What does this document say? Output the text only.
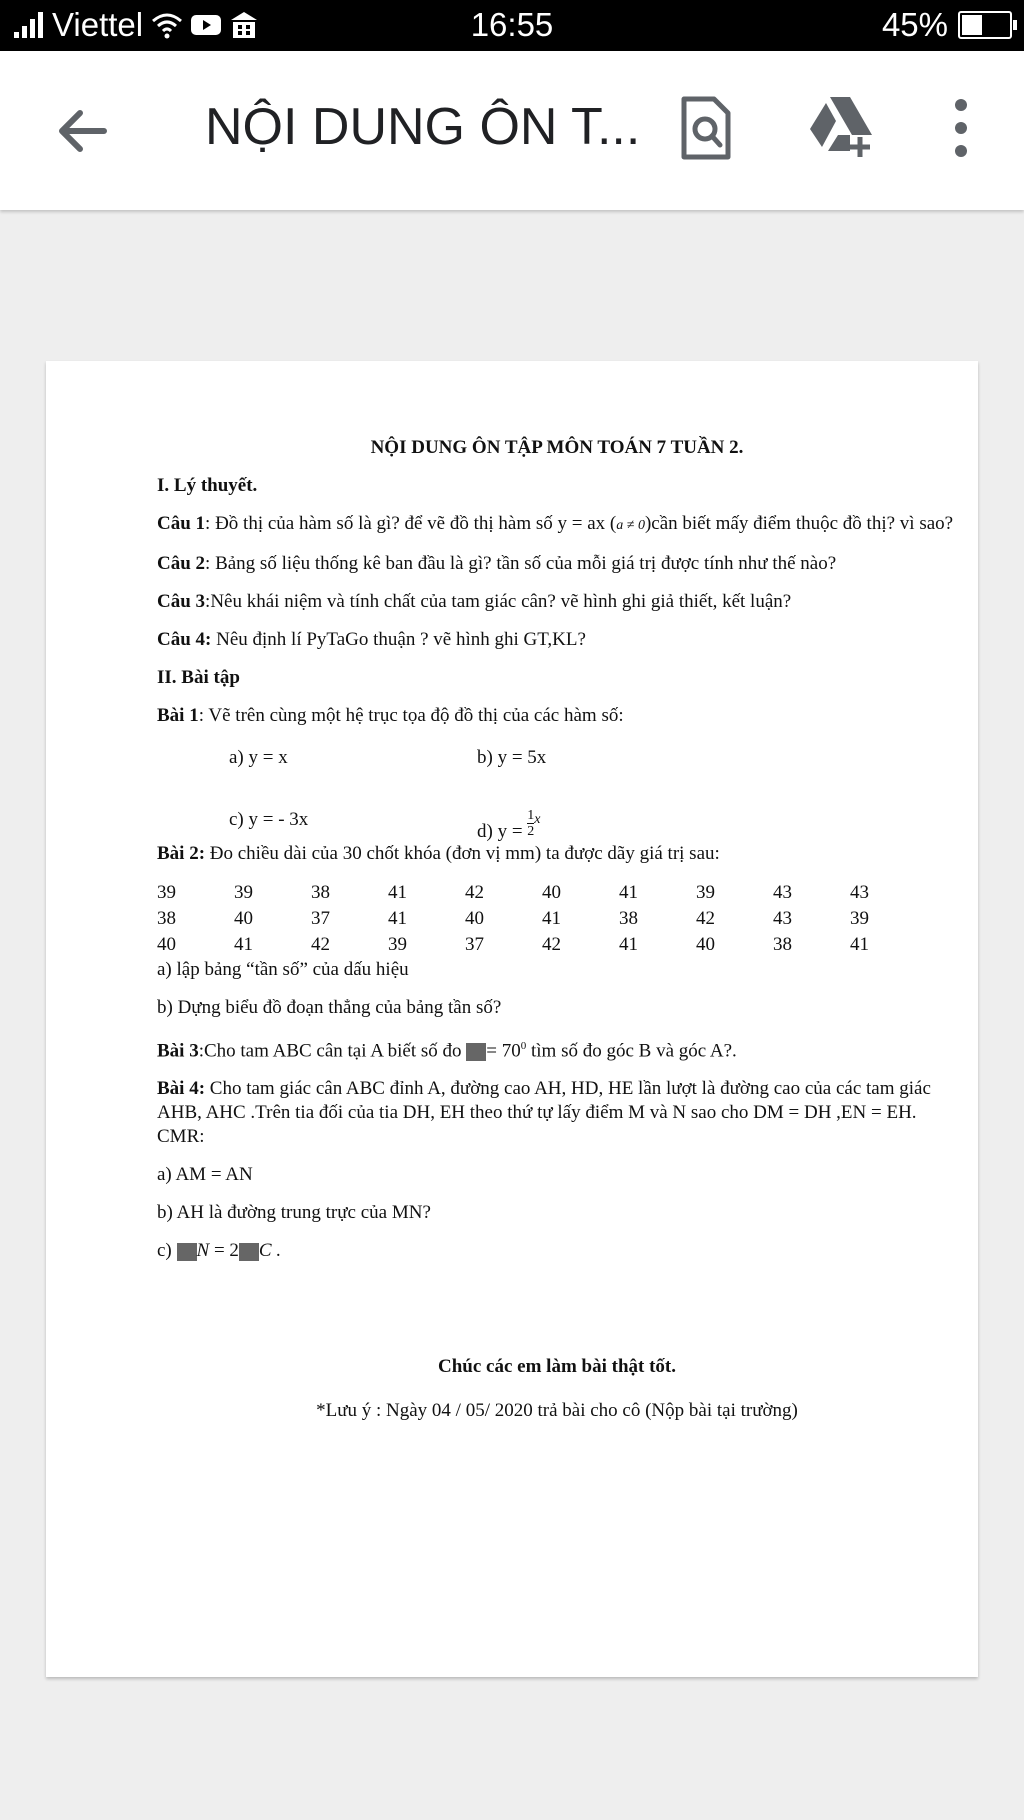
Viettel	16:55	45%
NỘI DUNG ÔN T...

NỘI DUNG ÔN TẬP MÔN TOÁN 7 TUẦN 2.

I. Lý thuyết.

Câu 1: Đồ thị của hàm số là gì? để vẽ đồ thị hàm số y = ax (a ≠ 0)cần biết mấy điểm thuộc đồ thị? vì sao?

Câu 2: Bảng số liệu thống kê ban đầu là gì? tần số của mỗi giá trị được tính như thế nào?

Câu 3:Nêu khái niệm và tính chất của tam giác cân? vẽ hình ghi giả thiết, kết luận?

Câu 4: Nêu định lí PyTaGo thuận ? vẽ hình ghi GT,KL?

II. Bài tập

Bài 1: Vẽ trên cùng một hệ trục tọa độ đồ thị của các hàm số:

a) y = x	b) y = 5x
c) y = - 3x
d) $y = \frac{1}{2} ^x$

Bài 2: Đo chiều dài của 30 chốt khóa (đơn vị mm) ta được dãy giá trị sau:

39	39	38	41	42	40	41	39	43	43
38	40	37	41	40	41	38	42	43	39
40	41	42	39	37	42	41	40	38	41

a) lập bảng “tần số” của dấu hiệu

b) Dựng biểu đồ đoạn thẳng của bảng tần số?

Bài 3:Cho tam ABC cân tại A biết số đo = $70^0$ tìm số đo góc B và góc A?.

Bài 4: Cho tam giác cân ABC đỉnh A, đường cao AH, HD, HE lần lượt là đường cao của các tam giác AHB, AHC .Trên tia đối của tia DH, EH theo thứ tự lấy điểm M và N sao cho DM = DH ,EN = EH. CMR:

a) AM = AN

b) AH là đường trung trực của MN?

c) N = 2 C .

Chúc các em làm bài thật tốt.

*Lưu ý : Ngày 04 / 05/ 2020 trả bài cho cô (Nộp bài tại trường)
